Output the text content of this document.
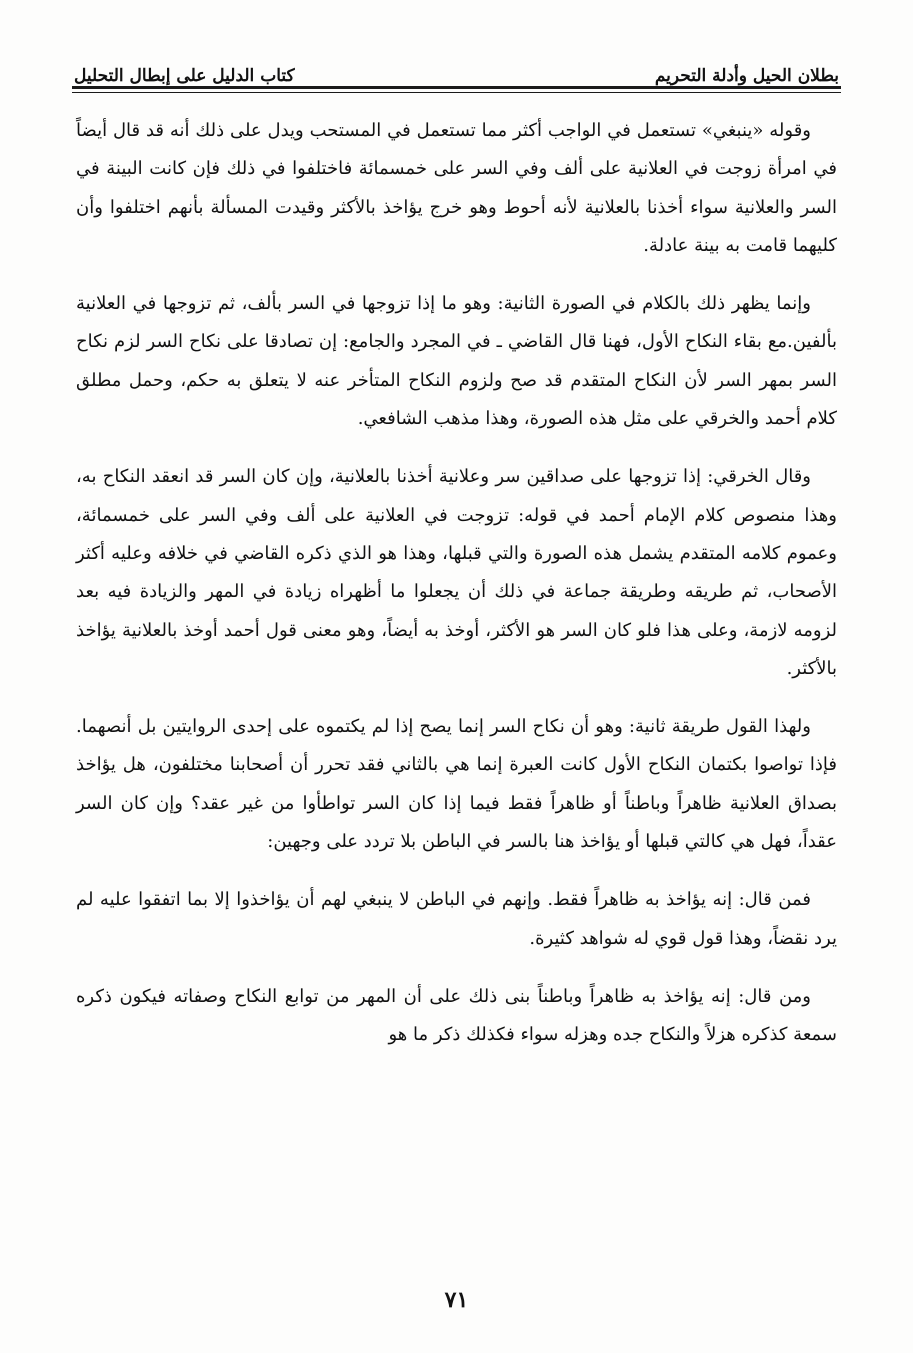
بطلان الحيل وأدلة التحريم
كتاب الدليل على إبطال التحليل

وقوله «ينبغي» تستعمل في الواجب أكثر مما تستعمل في المستحب ويدل على ذلك أنه قد قال أيضاً في امرأة زوجت في العلانية على ألف وفي السر على خمسمائة فاختلفوا في ذلك فإن كانت البينة في السر والعلانية سواء أخذنا بالعلانية لأنه أحوط وهو خرج يؤاخذ بالأكثر وقيدت المسألة بأنهم اختلفوا وأن كليهما قامت به بينة عادلة.

وإنما يظهر ذلك بالكلام في الصورة الثانية: وهو ما إذا تزوجها في السر بألف، ثم تزوجها في العلانية بألفين.مع بقاء النكاح الأول، فهنا قال القاضي ـ في المجرد والجامع: إن تصادقا على نكاح السر لزم نكاح السر بمهر السر لأن النكاح المتقدم قد صح ولزوم النكاح المتأخر عنه لا يتعلق به حكم، وحمل مطلق كلام أحمد والخرقي على مثل هذه الصورة، وهذا مذهب الشافعي.

وقال الخرقي: إذا تزوجها على صداقين سر وعلانية أخذنا بالعلانية، وإن كان السر قد انعقد النكاح به، وهذا منصوص كلام الإمام أحمد في قوله: تزوجت في العلانية على ألف وفي السر على خمسمائة، وعموم كلامه المتقدم يشمل هذه الصورة والتي قبلها، وهذا هو الذي ذكره القاضي في خلافه وعليه أكثر الأصحاب، ثم طريقه وطريقة جماعة في ذلك أن يجعلوا ما أظهراه زيادة في المهر والزيادة فيه بعد لزومه لازمة، وعلى هذا فلو كان السر هو الأكثر، أوخذ به أيضاً، وهو معنى قول أحمد أوخذ بالعلانية يؤاخذ بالأكثر.

ولهذا القول طريقة ثانية: وهو أن نكاح السر إنما يصح إذا لم يكتموه على إحدى الروايتين بل أنصهما. فإذا تواصوا بكتمان النكاح الأول كانت العبرة إنما هي بالثاني فقد تحرر أن أصحابنا مختلفون، هل يؤاخذ بصداق العلانية ظاهراً وباطناً أو ظاهراً فقط فيما إذا كان السر تواطأوا من غير عقد؟ وإن كان السر عقداً، فهل هي كالتي قبلها أو يؤاخذ هنا بالسر في الباطن بلا تردد على وجهين:

فمن قال: إنه يؤاخذ به ظاهراً فقط. وإنهم في الباطن لا ينبغي لهم أن يؤاخذوا إلا بما اتفقوا عليه لم يرد نقضاً، وهذا قول قوي له شواهد كثيرة.

ومن قال: إنه يؤاخذ به ظاهراً وباطناً بنى ذلك على أن المهر من توابع النكاح وصفاته فيكون ذكره سمعة كذكره هزلاً والنكاح جده وهزله سواء فكذلك ذكر ما هو

٧١
